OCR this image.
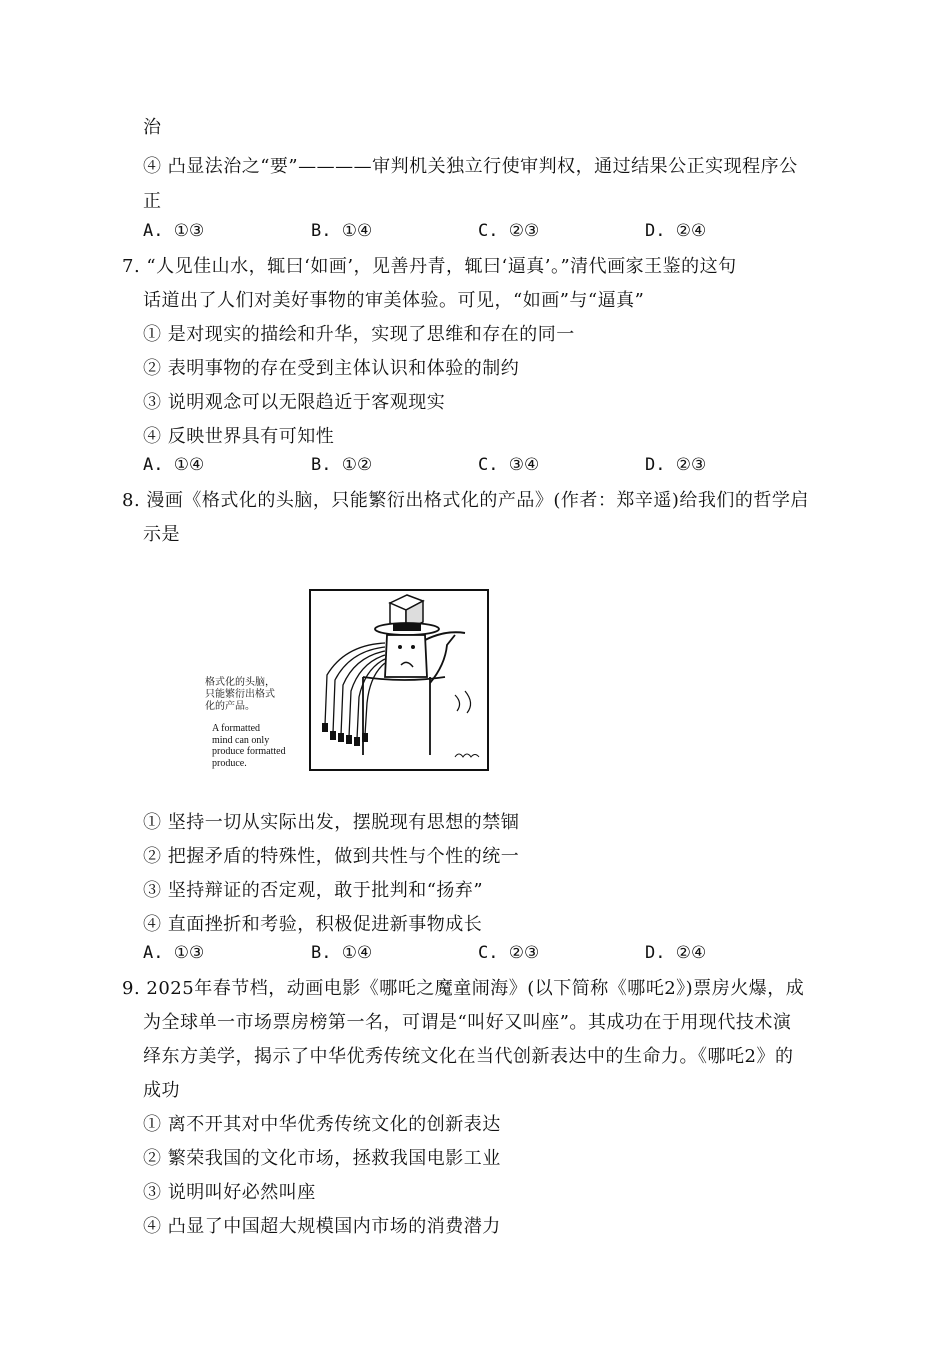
治
④ 凸显法治之“要”————审判机关独立行使审判权，通过结果公正实现程序公
正
A. ①③	B. ①④	C. ②③	D. ②④
7. “人见佳山水，辄曰‘如画’，见善丹青，辄曰‘逼真’。”清代画家王鉴的这句
话道出了人们对美好事物的审美体验。可见，“如画”与“逼真”
① 是对现实的描绘和升华，实现了思维和存在的同一
② 表明事物的存在受到主体认识和体验的制约
③ 说明观念可以无限趋近于客观现实
④ 反映世界具有可知性
A. ①④	B. ①②	C. ③④	D. ②③
8. 漫画《格式化的头脑，只能繁衍出格式化的产品》(作者：郑辛遥)给我们的哲学启
示是
格式化的头脑，
只能繁衍出格式
化的产品。
A formatted
mind can only
produce formatted
produce.
① 坚持一切从实际出发，摆脱现有思想的禁锢
② 把握矛盾的特殊性，做到共性与个性的统一
③ 坚持辩证的否定观，敢于批判和“扬弃”
④ 直面挫折和考验，积极促进新事物成长
A. ①③	B. ①④	C. ②③	D. ②④
9. 2025年春节档，动画电影《哪吒之魔童闹海》(以下简称《哪吒2》)票房火爆，成
为全球单一市场票房榜第一名，可谓是“叫好又叫座”。其成功在于用现代技术演
绎东方美学，揭示了中华优秀传统文化在当代创新表达中的生命力。《哪吒2》的
成功
① 离不开其对中华优秀传统文化的创新表达
② 繁荣我国的文化市场，拯救我国电影工业
③ 说明叫好必然叫座
④ 凸显了中国超大规模国内市场的消费潜力
